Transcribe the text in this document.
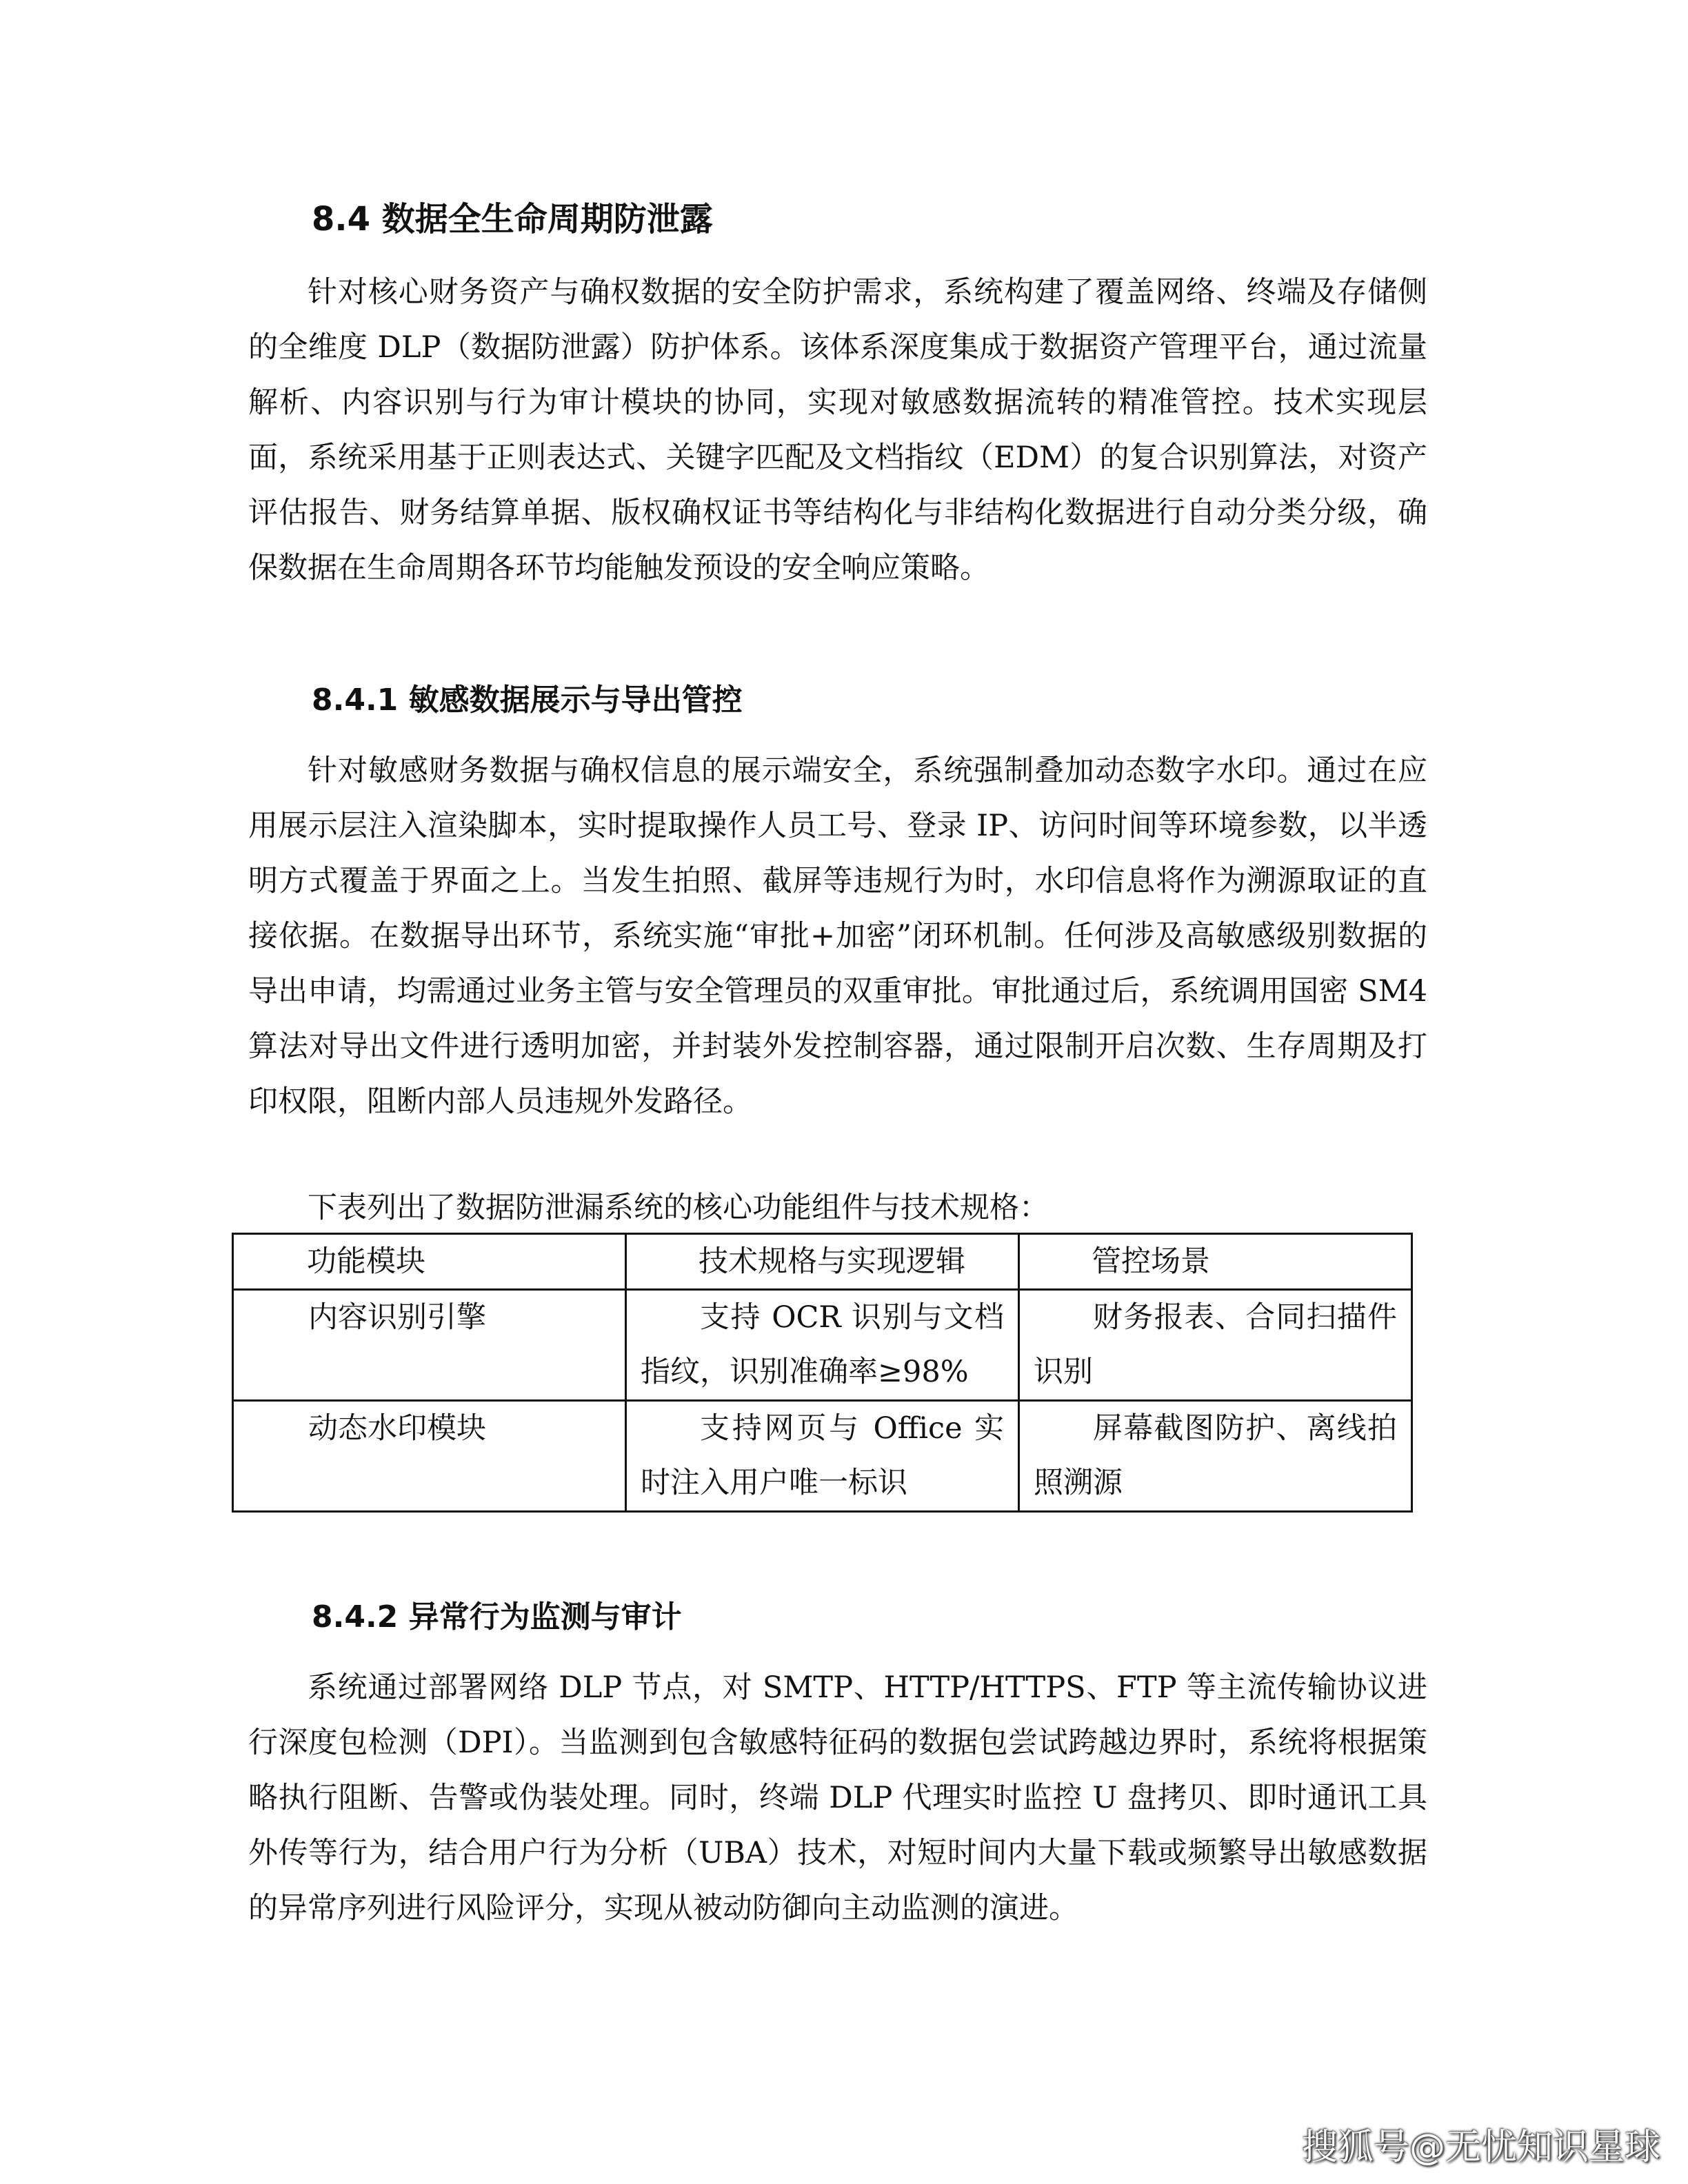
8.4 数据全生命周期防泄露

针对核心财务资产与确权数据的安全防护需求，系统构建了覆盖网络、终端及存储侧的全维度 DLP（数据防泄露）防护体系。该体系深度集成于数据资产管理平台，通过流量解析、内容识别与行为审计模块的协同，实现对敏感数据流转的精准管控。技术实现层面，系统采用基于正则表达式、关键字匹配及文档指纹（EDM）的复合识别算法，对资产评估报告、财务结算单据、版权确权证书等结构化与非结构化数据进行自动分类分级，确保数据在生命周期各环节均能触发预设的安全响应策略。

8.4.1 敏感数据展示与导出管控

针对敏感财务数据与确权信息的展示端安全，系统强制叠加动态数字水印。通过在应用展示层注入渲染脚本，实时提取操作人员工号、登录 IP、访问时间等环境参数，以半透明方式覆盖于界面之上。当发生拍照、截屏等违规行为时，水印信息将作为溯源取证的直接依据。在数据导出环节，系统实施“审批+加密”闭环机制。任何涉及高敏感级别数据的导出申请，均需通过业务主管与安全管理员的双重审批。审批通过后，系统调用国密 SM4 算法对导出文件进行透明加密，并封装外发控制容器，通过限制开启次数、生存周期及打印权限，阻断内部人员违规外发路径。

下表列出了数据防泄漏系统的核心功能组件与技术规格：

功能模块	技术规格与实现逻辑	管控场景

内容识别引擎	支持 OCR 识别与文档指纹，识别准确率≥98%	财务报表、合同扫描件识别
动态水印模块	支持网页与 Office 实时注入用户唯一标识	屏幕截图防护、离线拍照溯源
8.4.2 异常行为监测与审计

系统通过部署网络 DLP 节点，对 SMTP、HTTP/HTTPS、FTP 等主流传输协议进行深度包检测（DPI）。当监测到包含敏感特征码的数据包尝试跨越边界时，系统将根据策略执行阻断、告警或伪装处理。同时，终端 DLP 代理实时监控 U 盘拷贝、即时通讯工具外传等行为，结合用户行为分析（UBA）技术，对短时间内大量下载或频繁导出敏感数据的异常序列进行风险评分，实现从被动防御向主动监测的演进。

搜狐号@无忧知识星球
